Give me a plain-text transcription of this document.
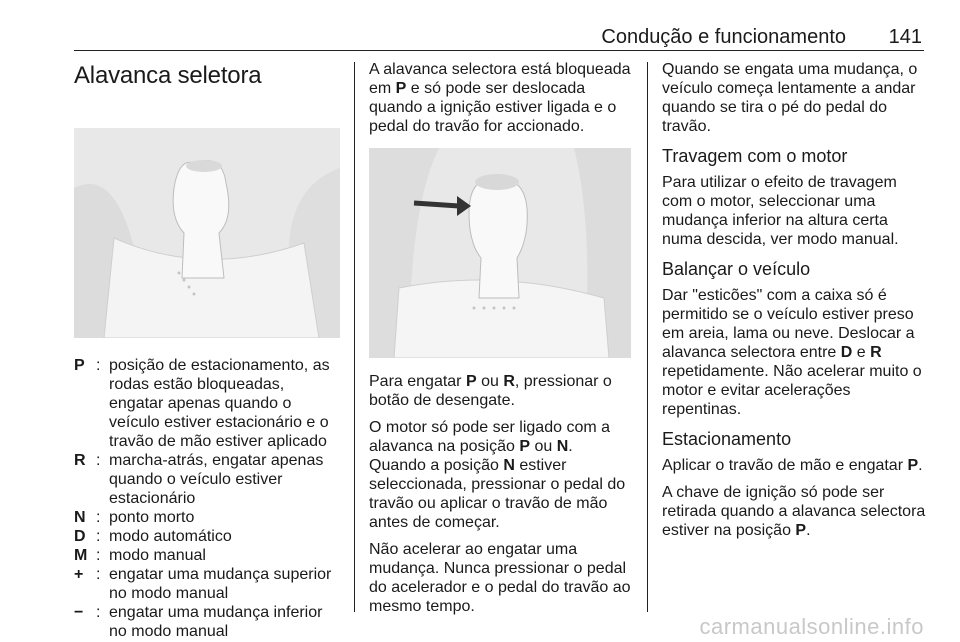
Condução e funcionamento 141
Alavanca seletora
P : posição de estacionamento, as rodas estão bloqueadas, engatar apenas quando o veículo estiver estacionário e o travão de mão estiver aplicado
R : marcha-atrás, engatar apenas quando o veículo estiver estacionário
N : ponto morto
D : modo automático
M : modo manual
+ : engatar uma mudança superior no modo manual
− : engatar uma mudança inferior no modo manual

A alavanca selectora está bloqueada em P e só pode ser deslocada quando a ignição estiver ligada e o pedal do travão for accionado.

Para engatar P ou R, pressionar o botão de desengate.

O motor só pode ser ligado com a alavanca na posição P ou N. Quando a posição N estiver seleccionada, pressionar o pedal do travão ou aplicar o travão de mão antes de começar.

Não acelerar ao engatar uma mudança. Nunca pressionar o pedal do acelerador e o pedal do travão ao mesmo tempo.

Quando se engata uma mudança, o veículo começa lentamente a andar quando se tira o pé do pedal do travão.

Travagem com o motor

Para utilizar o efeito de travagem com o motor, seleccionar uma mudança inferior na altura certa numa descida, ver modo manual.

Balançar o veículo

Dar "esticões" com a caixa só é permitido se o veículo estiver preso em areia, lama ou neve. Deslocar a alavanca selectora entre D e R repetidamente. Não acelerar muito o motor e evitar acelerações repentinas.

Estacionamento

Aplicar o travão de mão e engatar P.

A chave de ignição só pode ser retirada quando a alavanca selectora estiver na posição P.

carmanualsonline.info
